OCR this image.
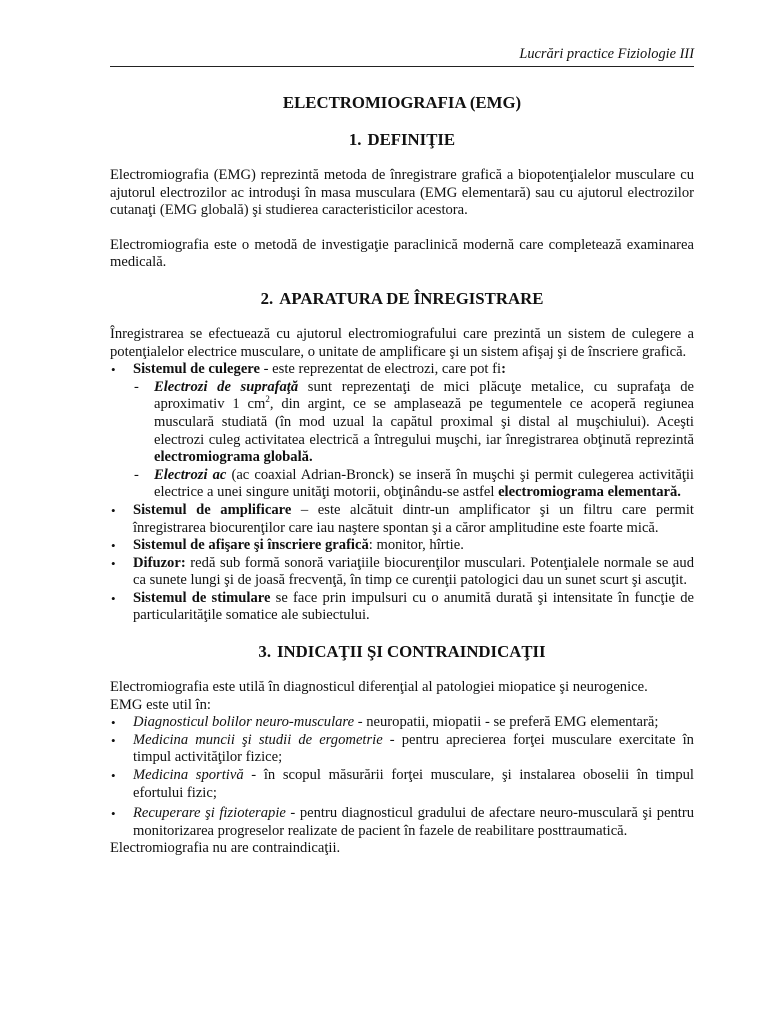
Lucrări practice Fiziologie III
ELECTROMIOGRAFIA (EMG)
1. DEFINIŢIE

Electromiografia (EMG) reprezintă metoda de înregistrare grafică a biopotenţialelor musculare cu ajutorul electrozilor ac introduşi în masa musculara (EMG elementară) sau cu ajutorul electrozilor cutanaţi (EMG globală) şi studierea caracteristicilor acestora.

Electromiografia este o metodă de investigaţie paraclinică modernă care completează examinarea medicală.

2. APARATURA DE ÎNREGISTRARE

Înregistrarea se efectuează cu ajutorul electromiografului care prezintă un sistem de culegere a potenţialelor electrice musculare, o unitate de amplificare şi un sistem afişaj şi de înscriere grafică.

• Sistemul de culegere - este reprezentat de electrozi, care pot fi:
- Electrozi de suprafaţă sunt reprezentaţi de mici plăcuţe metalice, cu suprafaţa de aproximativ 1 $cm^2$, din argint, ce se amplasează pe tegumentele ce acoperă regiunea musculară studiată (în mod uzual la capătul proximal şi distal al muşchiului). Aceşti electrozi culeg activitatea electrică a întregului muşchi, iar înregistrarea obţinută reprezintă electromiograma globală.
- Electrozi ac (ac coaxial Adrian-Bronck) se inseră în muşchi şi permit culegerea activităţii electrice a unei singure unităţi motorii, obţinându-se astfel electromiograma elementară.
• Sistemul de amplificare – este alcătuit dintr-un amplificator şi un filtru care permit înregistrarea biocurenţilor care iau naştere spontan şi a căror amplitudine este foarte mică.
• Sistemul de afişare şi înscriere grafică: monitor, hîrtie.
• Difuzor: redă sub formă sonoră variaţiile biocurenţilor musculari. Potenţialele normale se aud ca sunete lungi şi de joasă frecvenţă, în timp ce curenţii patologici dau un sunet scurt şi ascuţit.
• Sistemul de stimulare se face prin impulsuri cu o anumită durată şi intensitate în funcţie de particularităţile somatice ale subiectului.
3. INDICAŢII ŞI CONTRAINDICAŢII

Electromiografia este utilă în diagnosticul diferenţial al patologiei miopatice şi neurogenice.

EMG este util în:

• Diagnosticul bolilor neuro-musculare - neuropatii, miopatii - se preferă EMG elementară;
• Medicina muncii şi studii de ergometrie - pentru aprecierea forţei musculare exercitate în timpul activităţilor fizice;
• Medicina sportivă - în scopul măsurării forţei musculare, şi instalarea oboselii în timpul efortului fizic;
• Recuperare şi fizioterapie - pentru diagnosticul gradului de afectare neuro-musculară şi pentru monitorizarea progreselor realizate de pacient în fazele de reabilitare posttraumatică.

Electromiografia nu are contraindicaţii.
